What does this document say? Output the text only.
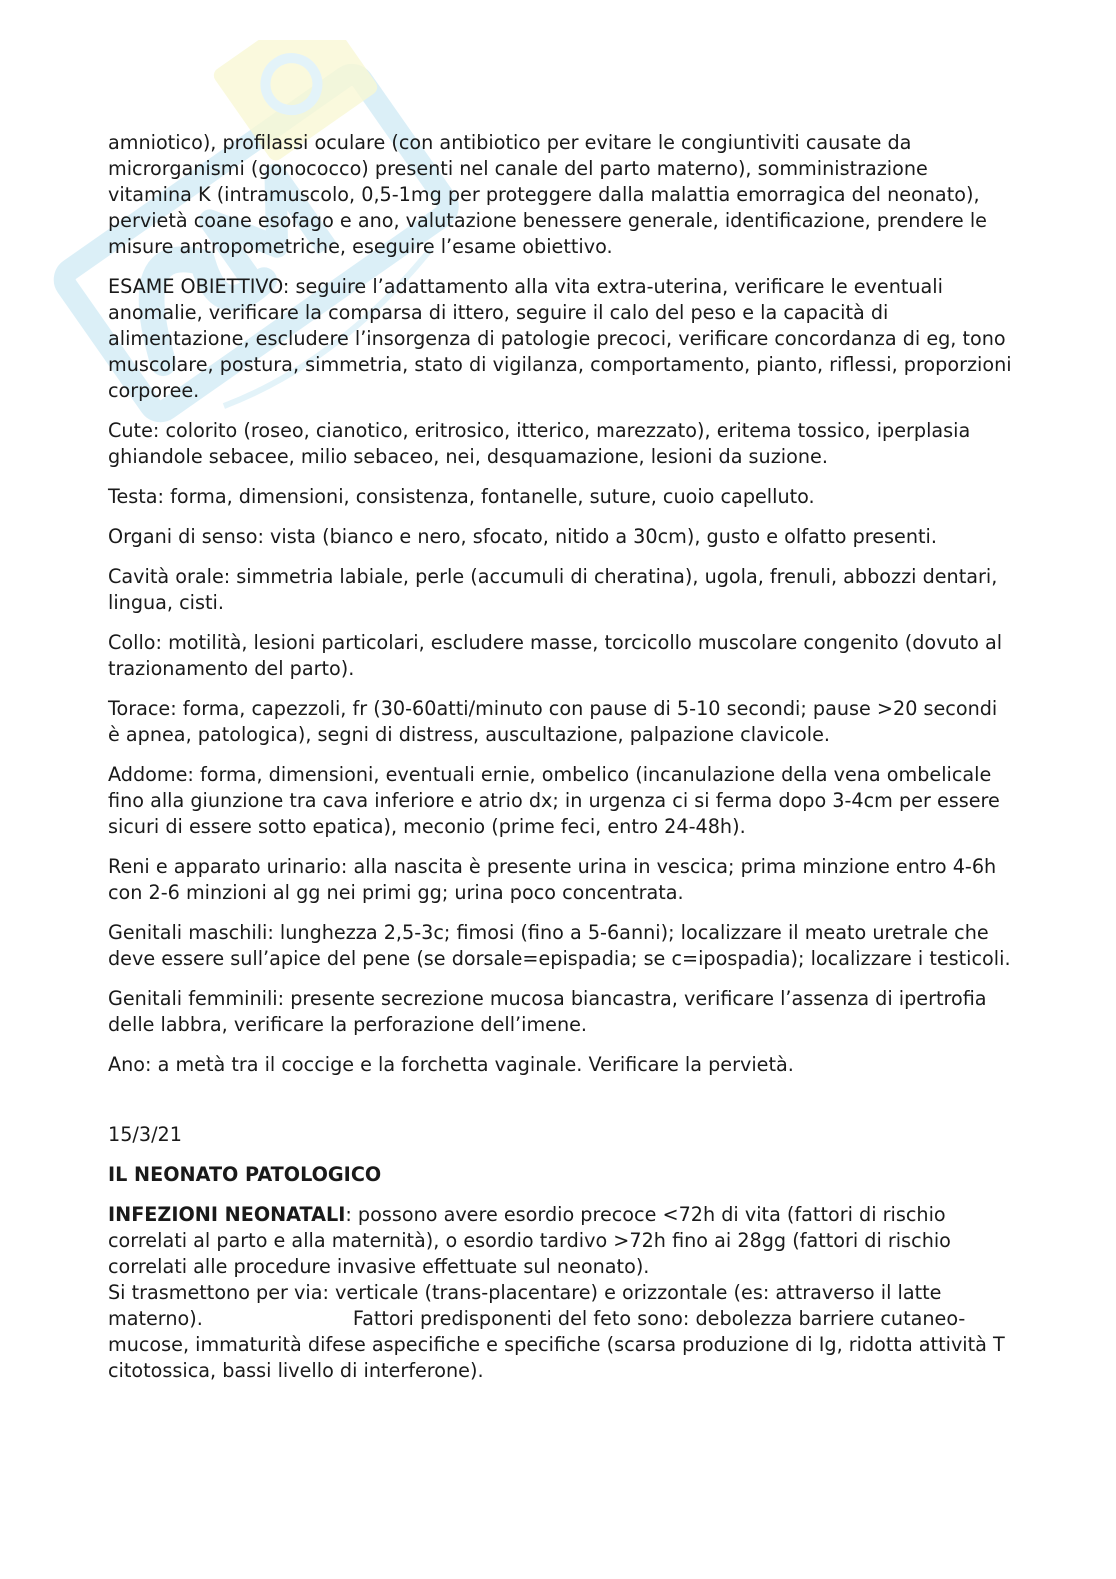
amniotico), profilassi oculare (con antibiotico per evitare le congiuntiviti causate da microrganismi (gonococco) presenti nel canale del parto materno), somministrazione vitamina K (intramuscolo, 0,5-1mg per proteggere dalla malattia emorragica del neonato), pervietà coane esofago e ano, valutazione benessere generale, identificazione, prendere le misure antropometriche, eseguire l’esame obiettivo.

ESAME OBIETTIVO: seguire l’adattamento alla vita extra-uterina, verificare le eventuali anomalie, verificare la comparsa di ittero, seguire il calo del peso e la capacità di alimentazione, escludere l’insorgenza di patologie precoci, verificare concordanza di eg, tono muscolare, postura, simmetria, stato di vigilanza, comportamento, pianto, riflessi, proporzioni corporee.

Cute: colorito (roseo, cianotico, eritrosico, itterico, marezzato), eritema tossico, iperplasia ghiandole sebacee, milio sebaceo, nei, desquamazione, lesioni da suzione.

Testa: forma, dimensioni, consistenza, fontanelle, suture, cuoio capelluto.

Organi di senso: vista (bianco e nero, sfocato, nitido a 30cm), gusto e olfatto presenti.

Cavità orale: simmetria labiale, perle (accumuli di cheratina), ugola, frenuli, abbozzi dentari, lingua, cisti.

Collo: motilità, lesioni particolari, escludere masse, torcicollo muscolare congenito (dovuto al trazionamento del parto).

Torace: forma, capezzoli, fr (30-60atti/minuto con pause di 5-10 secondi; pause >20 secondi è apnea, patologica), segni di distress, auscultazione, palpazione clavicole.

Addome: forma, dimensioni, eventuali ernie, ombelico (incanulazione della vena ombelicale fino alla giunzione tra cava inferiore e atrio dx; in urgenza ci si ferma dopo 3-4cm per essere sicuri di essere sotto epatica), meconio (prime feci, entro 24-48h).

Reni e apparato urinario: alla nascita è presente urina in vescica; prima minzione entro 4-6h con 2-6 minzioni al gg nei primi gg; urina poco concentrata.

Genitali maschili: lunghezza 2,5-3c; fimosi (fino a 5-6anni); localizzare il meato uretrale che deve essere sull’apice del pene (se dorsale=epispadia; se c=ipospadia); localizzare i testicoli.

Genitali femminili: presente secrezione mucosa biancastra, verificare l’assenza di ipertrofia delle labbra, verificare la perforazione dell’imene.

Ano: a metà tra il coccige e la forchetta vaginale. Verificare la pervietà.

15/3/21

IL NEONATO PATOLOGICO

INFEZIONI NEONATALI: possono avere esordio precoce <72h di vita (fattori di rischio correlati al parto e alla maternità), o esordio tardivo >72h fino ai 28gg (fattori di rischio correlati alle procedure invasive effettuate sul neonato).

Si trasmettono per via: verticale (trans-placentare) e orizzontale (es: attraverso il latte materno).	Fattori predisponenti del feto sono: debolezza barriere cutaneo-mucose, immaturità difese aspecifiche e specifiche (scarsa produzione di Ig, ridotta attività T citotossica, bassi livello di interferone).
